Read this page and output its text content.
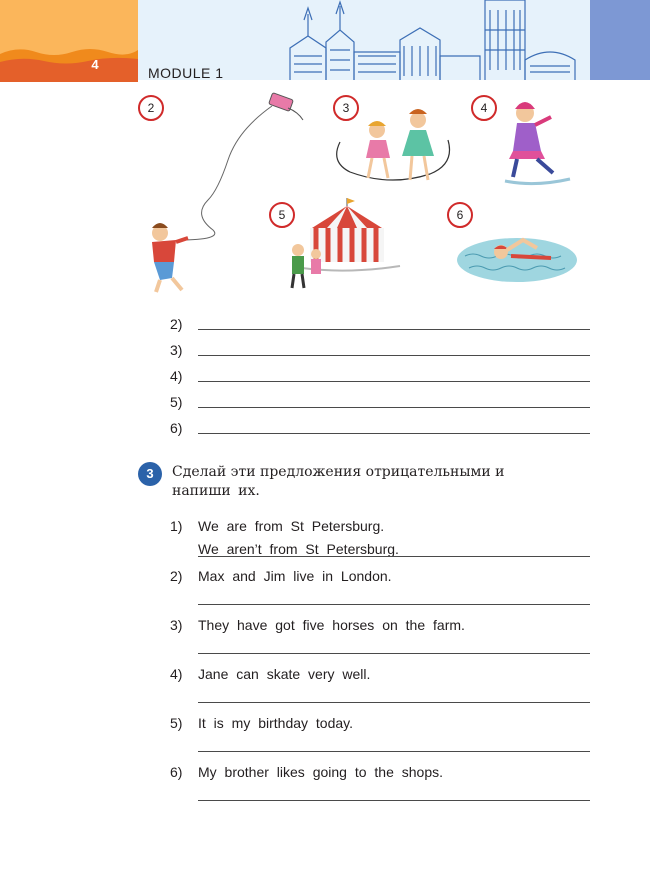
4
MODULE 1
2	3	4
5	6
2)
3)
4)
5)
6)
3	Сделай эти предложения отрицательными и
напиши их.
1) We are from St Petersburg.
We aren’t from St Petersburg.
2) Max and Jim live in London.
3) They have got five horses on the farm.
4) Jane can skate very well.
5) It is my birthday today.
6) My brother likes going to the shops.
